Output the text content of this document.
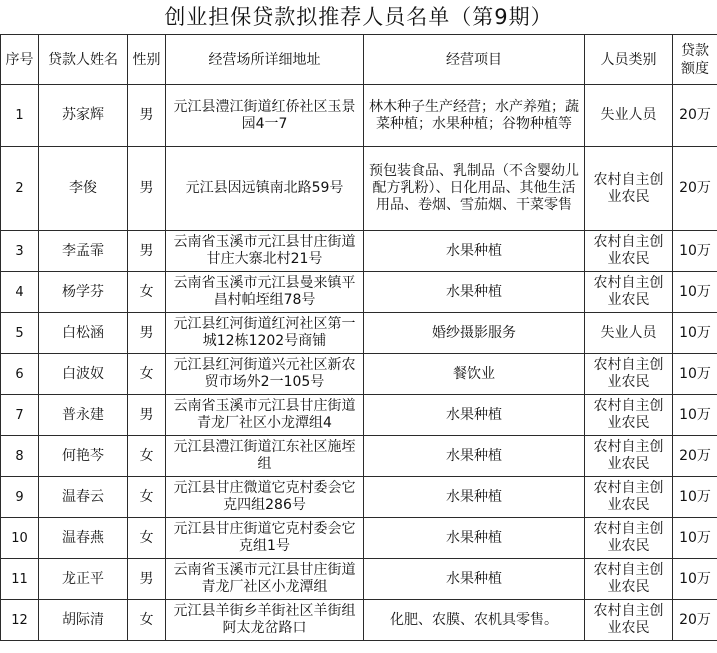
创业担保贷款拟推荐人员名单（第9期）
序号	贷款人姓名	性别	经营场所详细地址	经营项目	人员类别	贷款额度
1	苏家辉	男	元江县澧江街道红侨社区玉景园4一7	林木种子生产经营；水产养殖；蔬菜种植；水果种植；谷物种植等	失业人员	20万
2	李俊	男	元江县因远镇南北路59号	预包装食品、乳制品（不含婴幼儿配方乳粉）、日化用品、其他生活用品、卷烟、雪茄烟、干菜零售	农村自主创业农民	20万
3	李孟霏	男	云南省玉溪市元江县甘庄街道甘庄大寨北村21号	水果种植	农村自主创业农民	10万
4	杨学芬	女	云南省玉溪市元江县曼来镇平昌村帕垤组78号	水果种植	农村自主创业农民	10万
5	白松涵	男	元江县红河街道红河社区第一城12栋1202号商铺	婚纱摄影服务	失业人员	10万
6	白波奴	女	元江县红河街道兴元社区新农贸市场外2一105号	餐饮业	农村自主创业农民	10万
7	普永建	男	云南省玉溪市元江县甘庄街道青龙厂社区小龙潭组4	水果种植	农村自主创业农民	10万
8	何艳芩	女	元江县澧江街道江东社区施垤组	水果种植	农村自主创业农民	20万
9	温春云	女	元江县甘庄微道它克村委会它克四组286号	水果种植	农村自主创业农民	10万
10	温春燕	女	元江县甘庄街道它克村委会它克组1号	水果种植	农村自主创业农民	10万
11	龙正平	男	云南省玉溪市元江县甘庄街道青龙厂社区小龙潭组	水果种植	农村自主创业农民	10万
12	胡际清	女	元江县羊街乡羊街社区羊街组阿太龙岔路口	化肥、农膜、农机具零售。	农村自主创业农民	20万
